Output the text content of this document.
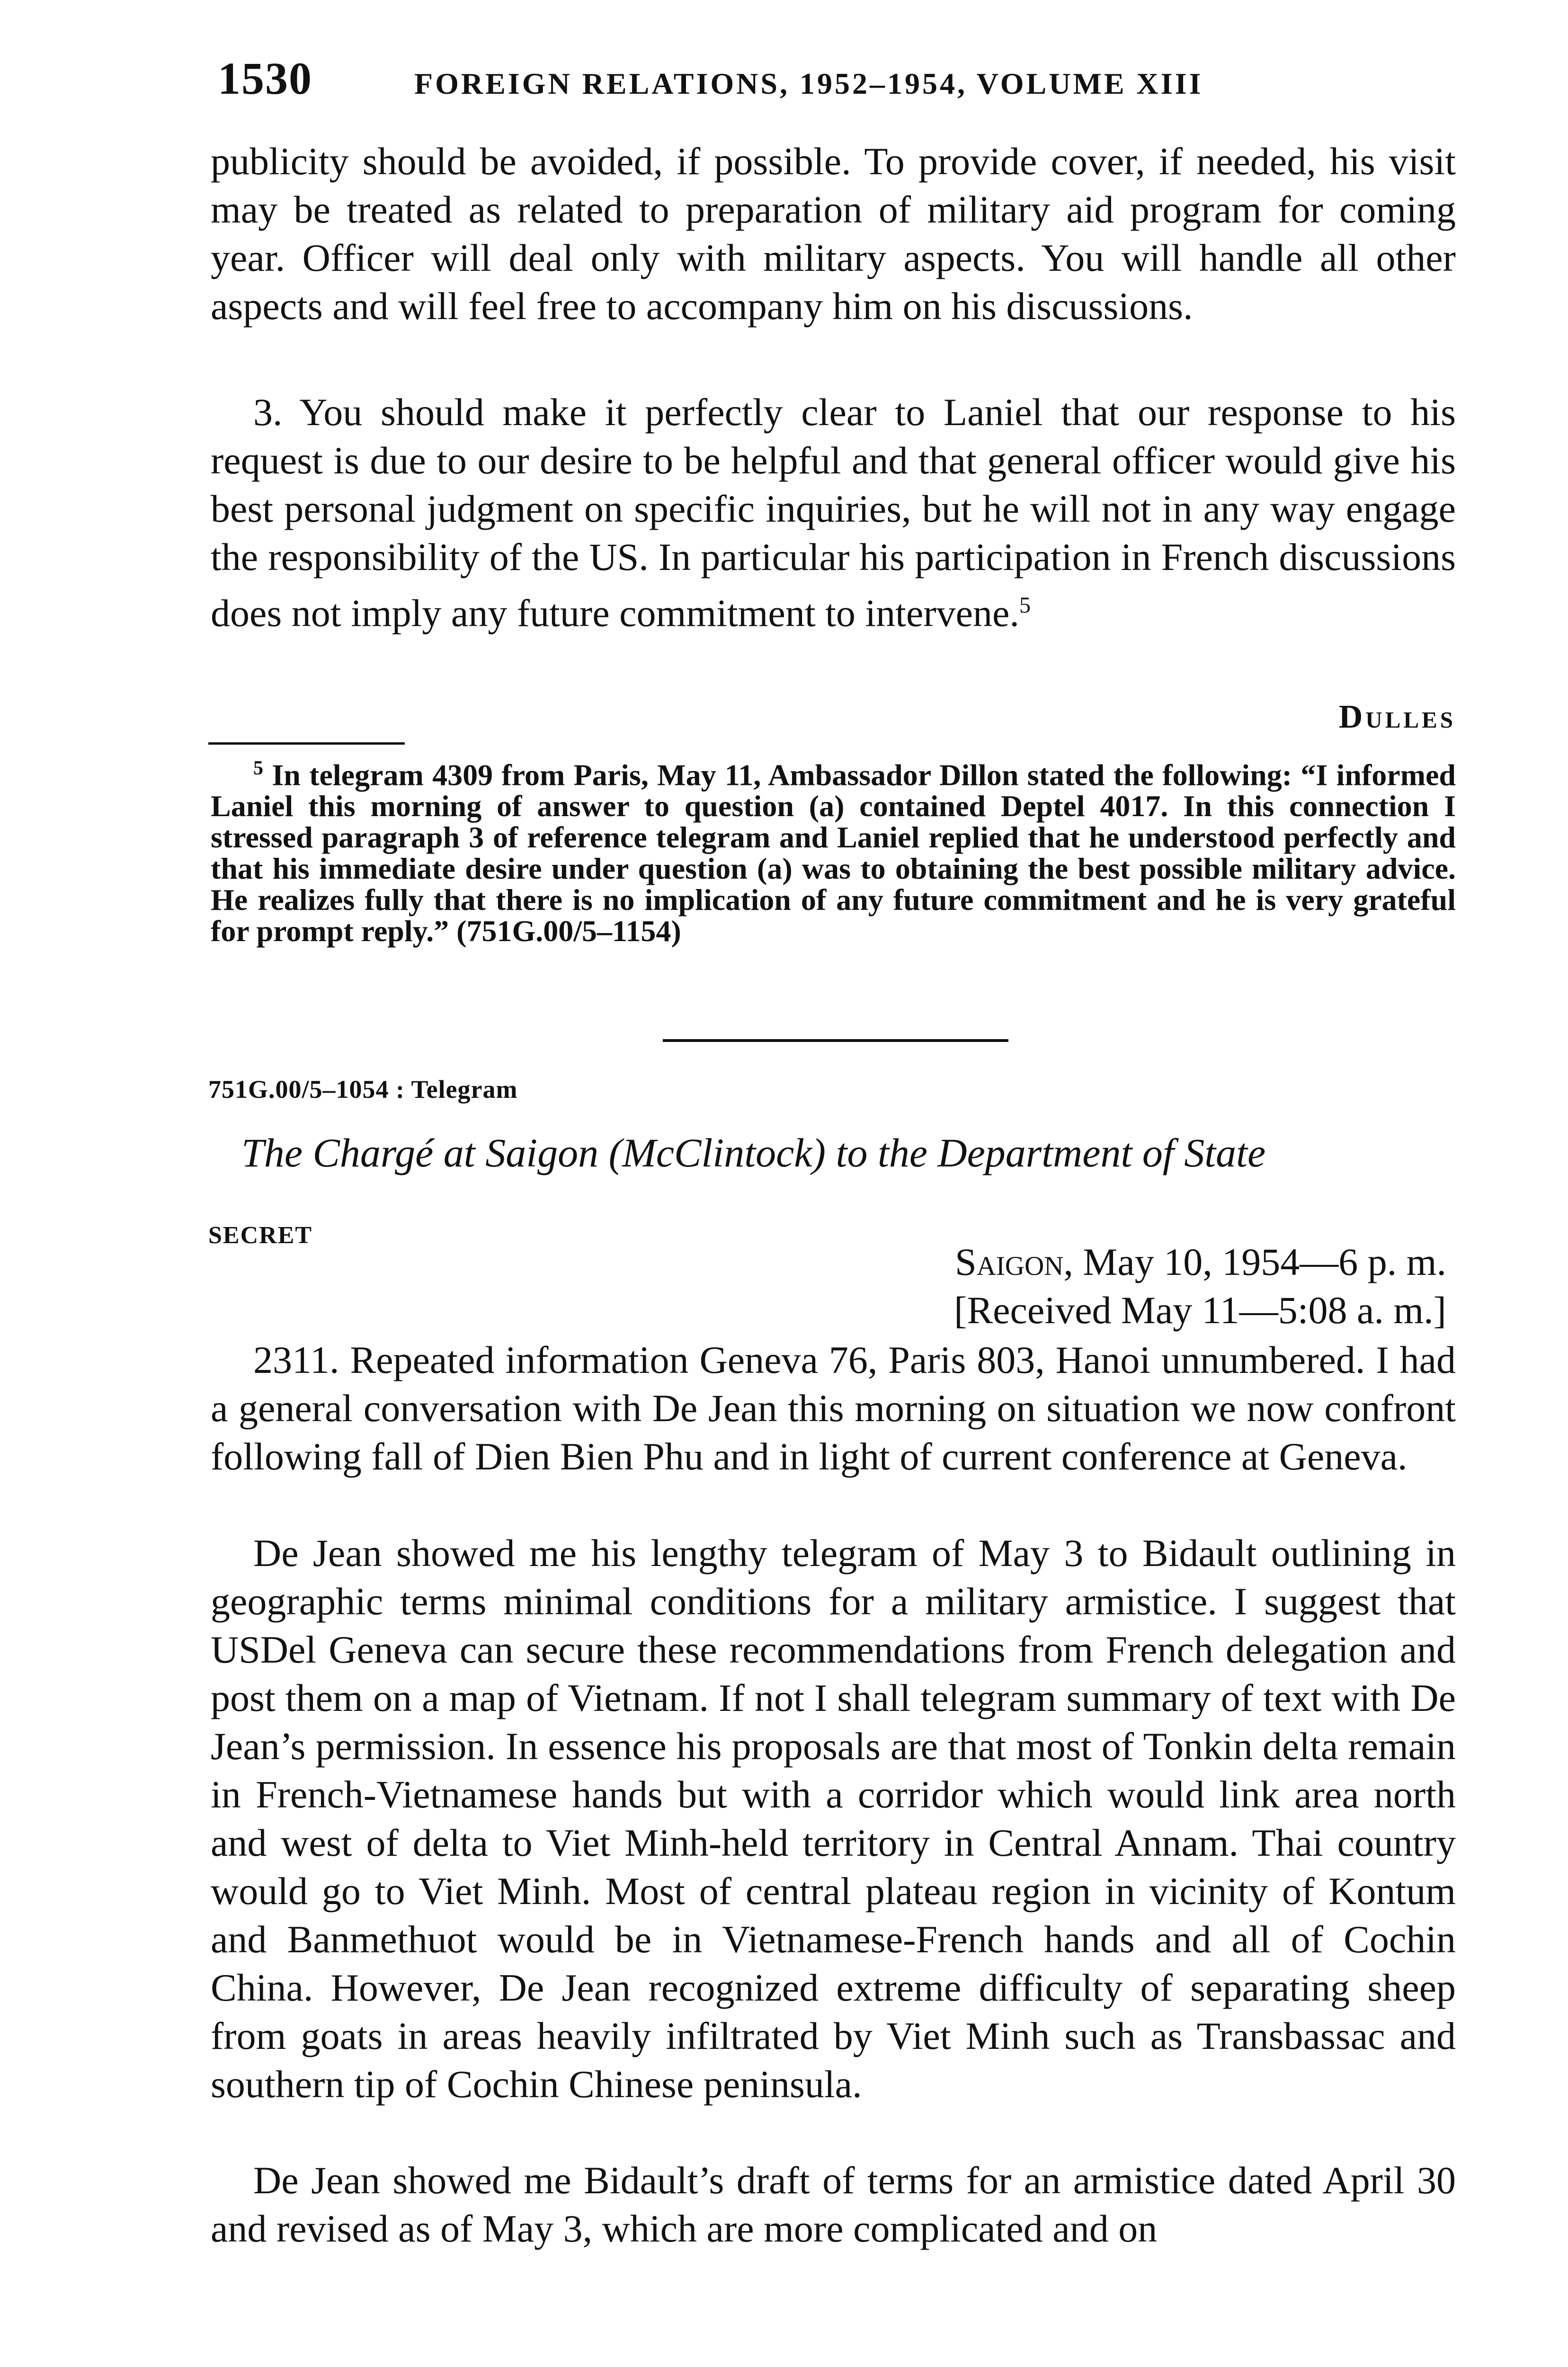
1530	FOREIGN RELATIONS, 1952–1954, VOLUME XIII

publicity should be avoided, if possible. To provide cover, if needed, his visit may be treated as related to preparation of military aid program for coming year. Officer will deal only with military aspects. You will handle all other aspects and will feel free to accompany him on his discussions.

3. You should make it perfectly clear to Laniel that our response to his request is due to our desire to be helpful and that general officer would give his best personal judgment on specific inquiries, but he will not in any way engage the responsibility of the US. In particular his participation in French discussions does not imply any future commitment to intervene.$^5$

Dulles

$^5$ In telegram 4309 from Paris, May 11, Ambassador Dillon stated the following: “I informed Laniel this morning of answer to question (a) contained Deptel 4017. In this connection I stressed paragraph 3 of reference telegram and Laniel replied that he understood perfectly and that his immediate desire under question (a) was to obtaining the best possible military advice. He realizes fully that there is no implication of any future commitment and he is very grateful for prompt reply.” (751G.00/5–1154)

751G.00/5–1054 : Telegram
The Chargé at Saigon (McClintock) to the Department of State
SECRET
Saigon, May 10, 1954—6 p. m.
[Received May 11—5:08 a. m.]

2311. Repeated information Geneva 76, Paris 803, Hanoi unnumbered. I had a general conversation with De Jean this morning on situation we now confront following fall of Dien Bien Phu and in light of current conference at Geneva.

De Jean showed me his lengthy telegram of May 3 to Bidault outlining in geographic terms minimal conditions for a military armistice. I suggest that USDel Geneva can secure these recommendations from French delegation and post them on a map of Vietnam. If not I shall telegram summary of text with De Jean’s permission. In essence his proposals are that most of Tonkin delta remain in French-Vietnamese hands but with a corridor which would link area north and west of delta to Viet Minh-held territory in Central Annam. Thai country would go to Viet Minh. Most of central plateau region in vicinity of Kontum and Banmethuot would be in Vietnamese-French hands and all of Cochin China. However, De Jean recognized extreme difficulty of separating sheep from goats in areas heavily infiltrated by Viet Minh such as Transbassac and southern tip of Cochin Chinese peninsula.

De Jean showed me Bidault’s draft of terms for an armistice dated April 30 and revised as of May 3, which are more complicated and on
